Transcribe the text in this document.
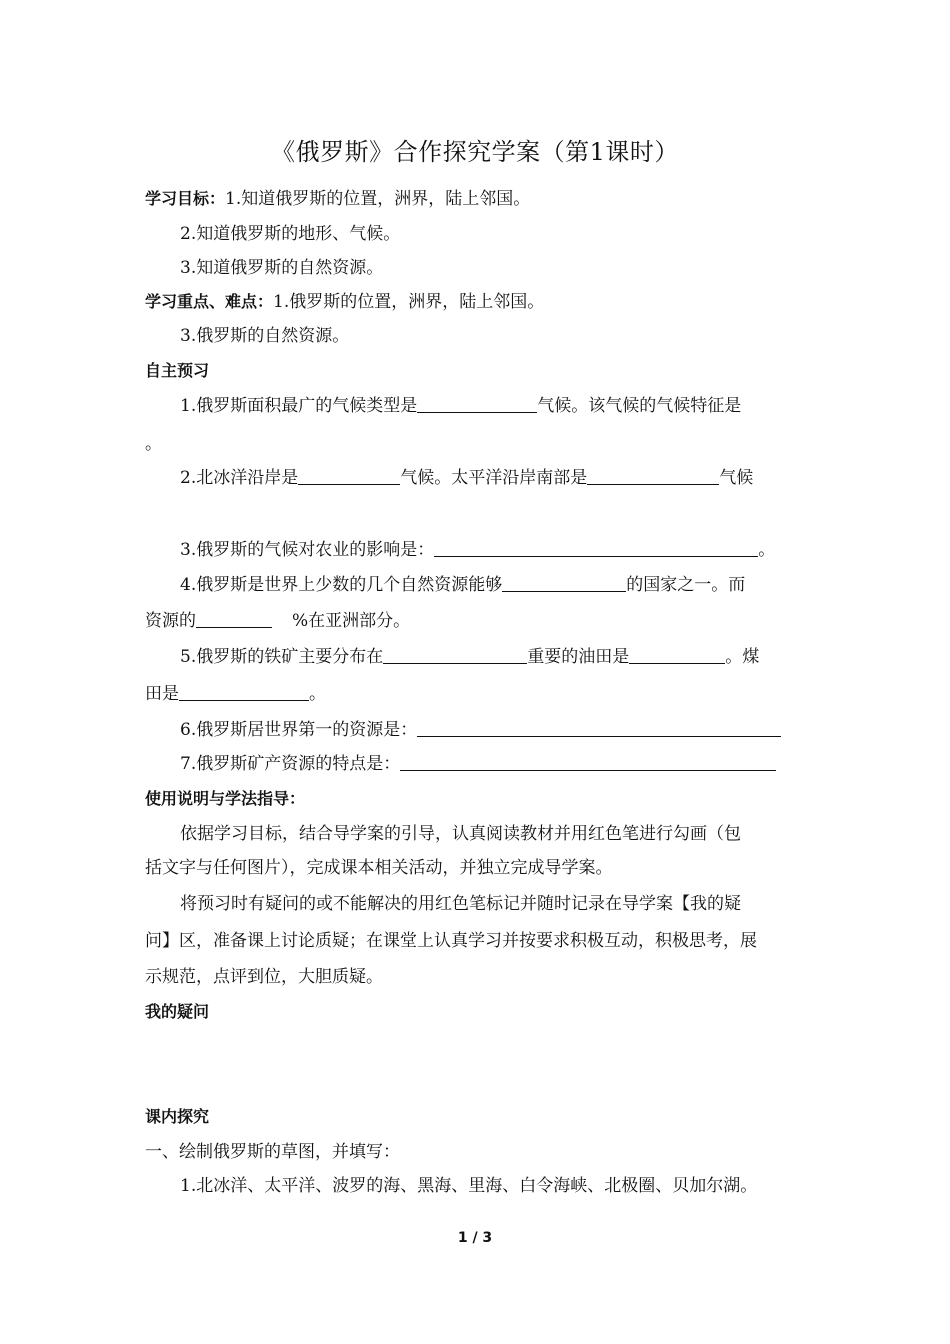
《俄罗斯》合作探究学案（第1课时）
学习目标：1.知道俄罗斯的位置，洲界，陆上邻国。
2.知道俄罗斯的地形、气候。
3.知道俄罗斯的自然资源。
学习重点、难点：1.俄罗斯的位置，洲界，陆上邻国。
3.俄罗斯的自然资源。
自主预习
1.俄罗斯面积最广的气候类型是	气候。该气候的气候特征是
。
2.北冰洋沿岸是	气候。太平洋沿岸南部是	气候
3.俄罗斯的气候对农业的影响是：	。
4.俄罗斯是世界上少数的几个自然资源能够	的国家之一。而
资源的	%在亚洲部分。
5.俄罗斯的铁矿主要分布在	重要的油田是	。煤
田是	。
6.俄罗斯居世界第一的资源是：
7.俄罗斯矿产资源的特点是：
使用说明与学法指导：
依据学习目标，结合导学案的引导，认真阅读教材并用红色笔进行勾画（包
括文字与任何图片），完成课本相关活动，并独立完成导学案。
将预习时有疑问的或不能解决的用红色笔标记并随时记录在导学案【我的疑
问】区，准备课上讨论质疑；在课堂上认真学习并按要求积极互动，积极思考，展
示规范，点评到位，大胆质疑。
我的疑问
课内探究
一、绘制俄罗斯的草图，并填写：
1.北冰洋、太平洋、波罗的海、黑海、里海、白令海峡、北极圈、贝加尔湖。
1 / 3
